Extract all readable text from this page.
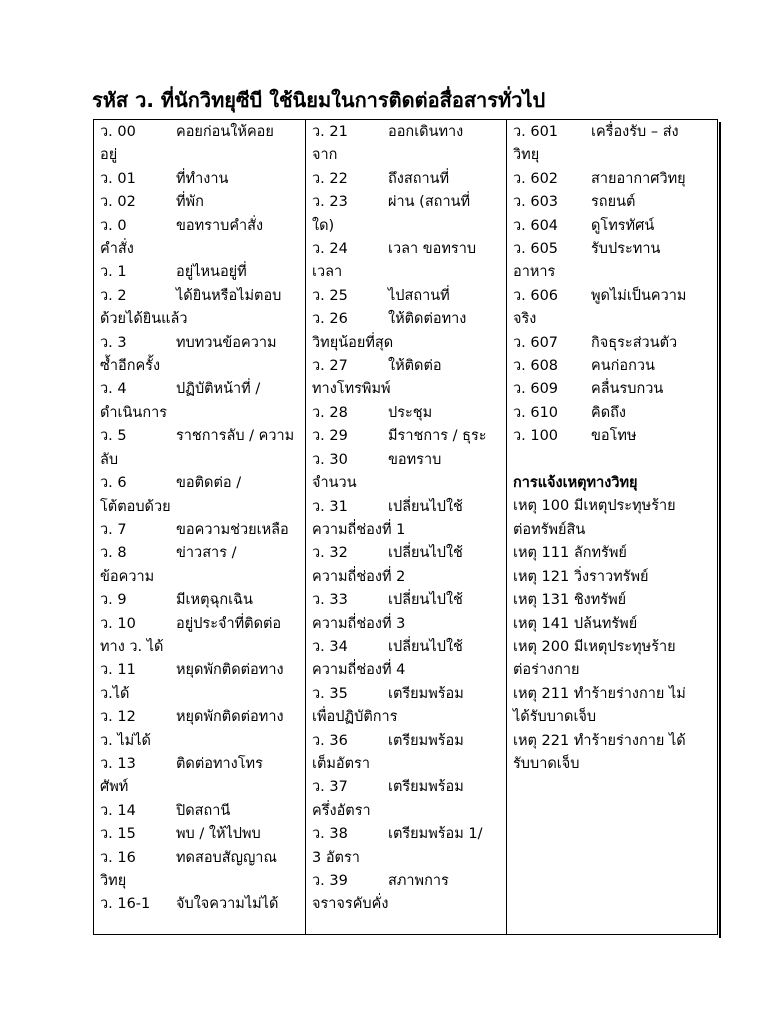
รหัส ว. ที่นักวิทยุซีบี ใช้นิยมในการติดต่อสื่อสารทั่วไป
ว. 00	คอยก่อนให้คอย
อยู่
ว. 01	ที่ทำงาน
ว. 02	ที่พัก
ว. 0	ขอทราบคำสั่ง
คำสั่ง
ว. 1	อยู่ไหนอยู่ที่
ว. 2	ได้ยินหรือไม่ตอบ
ด้วยได้ยินแล้ว
ว. 3	ทบทวนข้อความ
ซ้ำอีกครั้ง
ว. 4	ปฏิบัติหน้าที่ /
ดำเนินการ
ว. 5	ราชการลับ / ความ
ลับ
ว. 6	ขอติดต่อ /
โต้ตอบด้วย
ว. 7	ขอความช่วยเหลือ
ว. 8	ข่าวสาร /
ข้อความ
ว. 9	มีเหตุฉุกเฉิน
ว. 10	อยู่ประจำที่ติดต่อ
ทาง ว. ได้
ว. 11	หยุดพักติดต่อทาง
ว.ได้
ว. 12	หยุดพักติดต่อทาง
ว. ไม่ได้
ว. 13	ติดต่อทางโทร
ศัพท์
ว. 14	ปิดสถานี
ว. 15	พบ / ให้ไปพบ
ว. 16	ทดสอบสัญญาณ
วิทยุ
ว. 16-1 จับใจความไม่ได้
ว. 21	ออกเดินทาง
จาก
ว. 22	ถึงสถานที่
ว. 23	ผ่าน (สถานที่
ใด)
ว. 24	เวลา ขอทราบ
เวลา
ว. 25	ไปสถานที่
ว. 26	ให้ติดต่อทาง
วิทยุน้อยที่สุด
ว. 27	ให้ติดต่อ
ทางโทรพิมพ์
ว. 28	ประชุม
ว. 29	มีราชการ / ธุระ
ว. 30	ขอทราบ
จำนวน
ว. 31	เปลี่ยนไปใช้
ความถี่ช่องที่ 1
ว. 32	เปลี่ยนไปใช้
ความถี่ช่องที่ 2
ว. 33	เปลี่ยนไปใช้
ความถี่ช่องที่ 3
ว. 34	เปลี่ยนไปใช้
ความถี่ช่องที่ 4
ว. 35	เตรียมพร้อม
เพื่อปฏิบัติการ
ว. 36	เตรียมพร้อม
เต็มอัตรา
ว. 37	เตรียมพร้อม
ครึ่งอัตรา
ว. 38	เตรียมพร้อม 1/
3 อัตรา
ว. 39	สภาพการ
จราจรคับคั่ง
ว. 601 เครื่องรับ – ส่ง
วิทยุ
ว. 602 สายอากาศวิทยุ
ว. 603 รถยนต์
ว. 604 ดูโทรทัศน์
ว. 605 รับประทาน
อาหาร
ว. 606 พูดไม่เป็นความ
จริง
ว. 607 กิจธุระส่วนตัว
ว. 608 คนก่อกวน
ว. 609 คลื่นรบกวน
ว. 610 คิดถึง
ว. 100 ขอโทษ
การแจ้งเหตุทางวิทยุ
เหตุ 100 มีเหตุประทุษร้าย
ต่อทรัพย์สิน
เหตุ 111 ลักทรัพย์
เหตุ 121 วิ่งราวทรัพย์
เหตุ 131 ชิงทรัพย์
เหตุ 141 ปล้นทรัพย์
เหตุ 200 มีเหตุประทุษร้าย
ต่อร่างกาย
เหตุ 211 ทำร้ายร่างกาย ไม่
ได้รับบาดเจ็บ
เหตุ 221 ทำร้ายร่างกาย ได้
รับบาดเจ็บ
